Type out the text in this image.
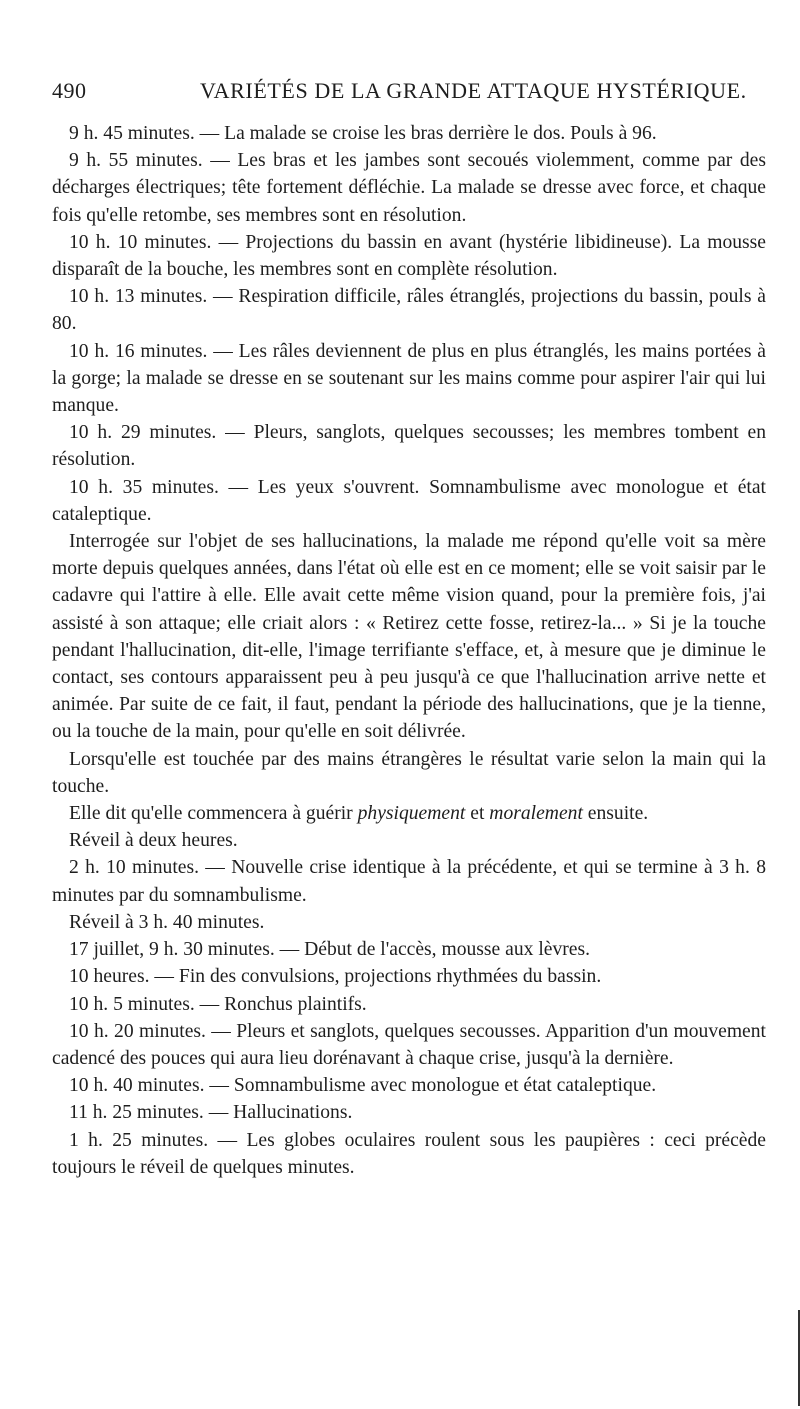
490	VARIÉTÉS DE LA GRANDE ATTAQUE HYSTÉRIQUE.

9 h. 45 minutes. — La malade se croise les bras derrière le dos. Pouls à 96.

9 h. 55 minutes. — Les bras et les jambes sont secoués violemment, comme par des décharges électriques; tête fortement défléchie. La malade se dresse avec force, et chaque fois qu'elle retombe, ses membres sont en résolution.

10 h. 10 minutes. — Projections du bassin en avant (hystérie libidineuse). La mousse disparaît de la bouche, les membres sont en complète résolution.

10 h. 13 minutes. — Respiration difficile, râles étranglés, projections du bassin, pouls à 80.

10 h. 16 minutes. — Les râles deviennent de plus en plus étranglés, les mains portées à la gorge; la malade se dresse en se soutenant sur les mains comme pour aspirer l'air qui lui manque.

10 h. 29 minutes. — Pleurs, sanglots, quelques secousses; les membres tombent en résolution.

10 h. 35 minutes. — Les yeux s'ouvrent. Somnambulisme avec monologue et état cataleptique.

Interrogée sur l'objet de ses hallucinations, la malade me répond qu'elle voit sa mère morte depuis quelques années, dans l'état où elle est en ce moment; elle se voit saisir par le cadavre qui l'attire à elle. Elle avait cette même vision quand, pour la première fois, j'ai assisté à son attaque; elle criait alors : « Retirez cette fosse, retirez-la... » Si je la touche pendant l'hallucination, dit-elle, l'image terrifiante s'efface, et, à mesure que je diminue le contact, ses contours apparaissent peu à peu jusqu'à ce que l'hallucination arrive nette et animée. Par suite de ce fait, il faut, pendant la période des hallucinations, que je la tienne, ou la touche de la main, pour qu'elle en soit délivrée.

Lorsqu'elle est touchée par des mains étrangères le résultat varie selon la main qui la touche.

Elle dit qu'elle commencera à guérir physiquement et moralement ensuite.

Réveil à deux heures.

2 h. 10 minutes. — Nouvelle crise identique à la précédente, et qui se termine à 3 h. 8 minutes par du somnambulisme.

Réveil à 3 h. 40 minutes.

17 juillet, 9 h. 30 minutes. — Début de l'accès, mousse aux lèvres.

10 heures. — Fin des convulsions, projections rhythmées du bassin.

10 h. 5 minutes. — Ronchus plaintifs.

10 h. 20 minutes. — Pleurs et sanglots, quelques secousses. Apparition d'un mouvement cadencé des pouces qui aura lieu dorénavant à chaque crise, jusqu'à la dernière.

10 h. 40 minutes. — Somnambulisme avec monologue et état cataleptique.

11 h. 25 minutes. — Hallucinations.

1 h. 25 minutes. — Les globes oculaires roulent sous les paupières : ceci précède toujours le réveil de quelques minutes.
